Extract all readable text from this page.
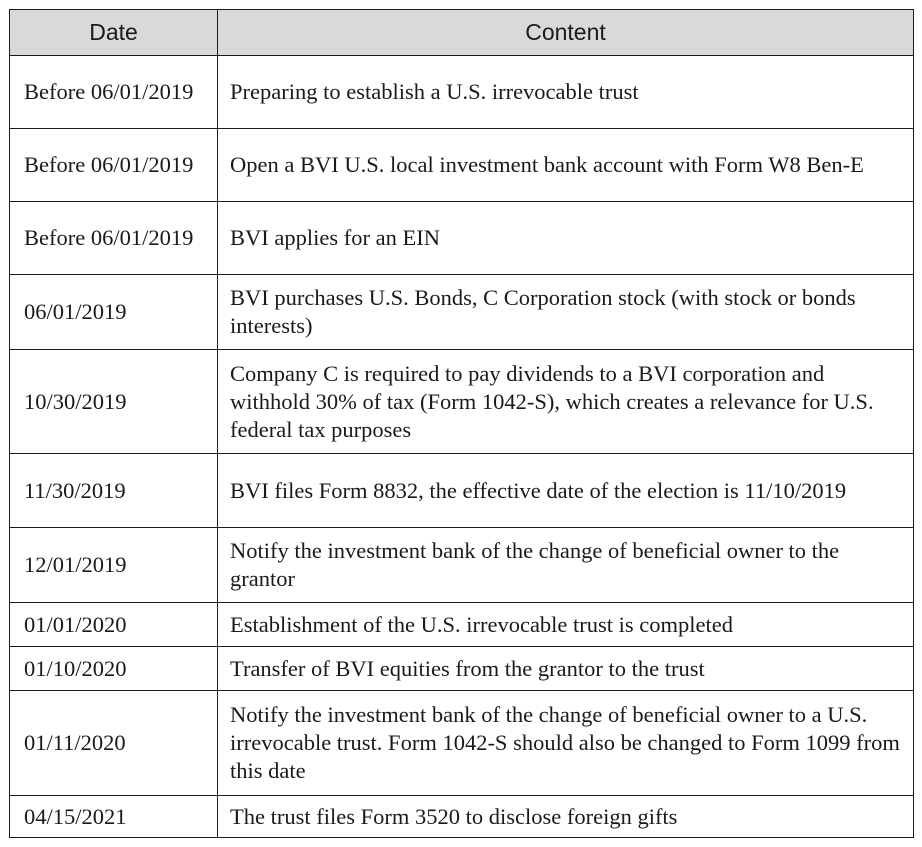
Date	Content
Before 06/01/2019	Preparing to establish a U.S. irrevocable trust
Before 06/01/2019	Open a BVI U.S. local investment bank account with Form W8 Ben-E
Before 06/01/2019	BVI applies for an EIN
06/01/2019	BVI purchases U.S. Bonds, C Corporation stock (with stock or bonds interests)
10/30/2019	Company C is required to pay dividends to a BVI corporation and withhold 30% of tax (Form 1042-S), which creates a relevance for U.S. federal tax purposes
11/30/2019	BVI files Form 8832, the effective date of the election is 11/10/2019
12/01/2019	Notify the investment bank of the change of beneficial owner to the grantor
01/01/2020	Establishment of the U.S. irrevocable trust is completed
01/10/2020	Transfer of BVI equities from the grantor to the trust
01/11/2020	Notify the investment bank of the change of beneficial owner to a U.S. irrevocable trust. Form 1042-S should also be changed to Form 1099 from this date
04/15/2021	The trust files Form 3520 to disclose foreign gifts
